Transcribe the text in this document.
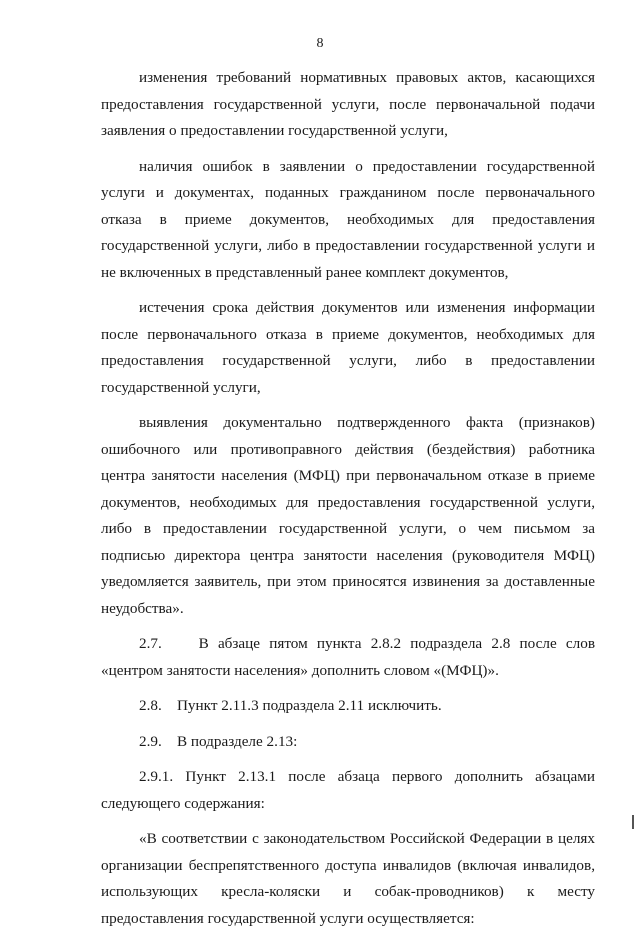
8

изменения требований нормативных правовых актов, касающихся предоставления государственной услуги, после первоначальной подачи заявления о предоставлении государственной услуги,

наличия ошибок в заявлении о предоставлении государственной услуги и документах, поданных гражданином после первоначального отказа в приеме документов, необходимых для предоставления государственной услуги, либо в предоставлении государственной услуги и не включенных в представленный ранее комплект документов,

истечения срока действия документов или изменения информации после первоначального отказа в приеме документов, необходимых для предоставления государственной услуги, либо в предоставлении государственной услуги,

выявления документально подтвержденного факта (признаков) ошибочного или противоправного действия (бездействия) работника центра занятости населения (МФЦ) при первоначальном отказе в приеме документов, необходимых для предоставления государственной услуги, либо в предоставлении государственной услуги, о чем письмом за подписью директора центра занятости населения (руководителя МФЦ) уведомляется заявитель, при этом приносятся извинения за доставленные неудобства».

2.7.    В абзаце пятом пункта 2.8.2 подраздела 2.8 после слов «центром занятости населения» дополнить словом «(МФЦ)».

2.8.    Пункт 2.11.3 подраздела 2.11 исключить.

2.9.    В подразделе 2.13:

2.9.1. Пункт 2.13.1 после абзаца первого дополнить абзацами следующего содержания:

«В соответствии с законодательством Российской Федерации в целях организации беспрепятственного доступа инвалидов (включая инвалидов, использующих кресла-коляски и собак-проводников) к месту предоставления государственной услуги осуществляется:
